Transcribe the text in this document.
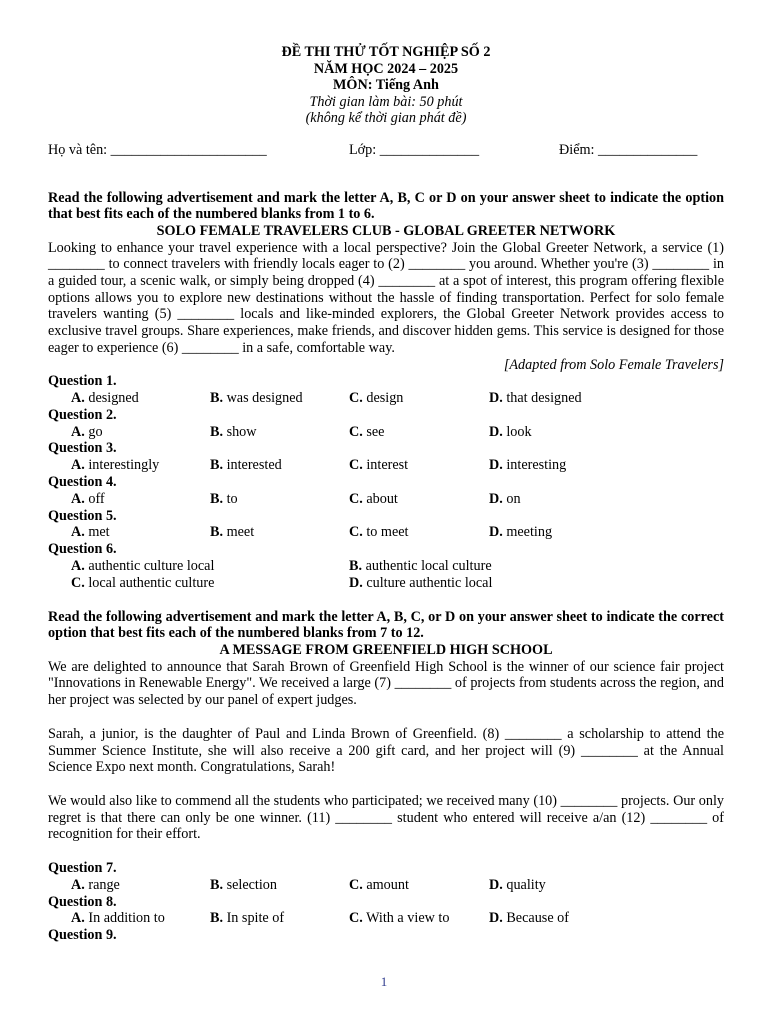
ĐỀ THI THỬ TỐT NGHIỆP SỐ 2
NĂM HỌC 2024 – 2025
MÔN: Tiếng Anh
Thời gian làm bài: 50 phút
(không kể thời gian phát đề)
Họ và tên: ______________________	Lớp: ______________	Điểm: ______________
Read the following advertisement and mark the letter A, B, C or D on your answer sheet to indicate the option that best fits each of the numbered blanks from 1 to 6.
SOLO FEMALE TRAVELERS CLUB - GLOBAL GREETER NETWORK
Looking to enhance your travel experience with a local perspective? Join the Global Greeter Network, a service (1) ________ to connect travelers with friendly locals eager to (2) ________ you around. Whether you're (3) ________ in a guided tour, a scenic walk, or simply being dropped (4) ________ at a spot of interest, this program offering flexible options allows you to explore new destinations without the hassle of finding transportation. Perfect for solo female travelers wanting (5) ________ locals and like-minded explorers, the Global Greeter Network provides access to exclusive travel groups. Share experiences, make friends, and discover hidden gems. This service is designed for those eager to experience (6) ________ in a safe, comfortable way.
[Adapted from Solo Female Travelers]
Question 1.
A. designed	B. was designed	C. design	D. that designed
Question 2.
A. go	B. show	C. see	D. look
Question 3.
A. interestingly	B. interested	C. interest	D. interesting
Question 4.
A. off	B. to	C. about	D. on
Question 5.
A. met	B. meet	C. to meet	D. meeting
Question 6.
A. authentic culture local	B. authentic local culture
C. local authentic culture	D. culture authentic local
Read the following advertisement and mark the letter A, B, C, or D on your answer sheet to indicate the correct option that best fits each of the numbered blanks from 7 to 12.
A MESSAGE FROM GREENFIELD HIGH SCHOOL
We are delighted to announce that Sarah Brown of Greenfield High School is the winner of our science fair project "Innovations in Renewable Energy". We received a large (7) ________ of projects from students across the region, and her project was selected by our panel of expert judges.
Sarah, a junior, is the daughter of Paul and Linda Brown of Greenfield. (8) ________ a scholarship to attend the Summer Science Institute, she will also receive a 200 gift card, and her project will (9) ________ at the Annual Science Expo next month. Congratulations, Sarah!
We would also like to commend all the students who participated; we received many (10) ________ projects. Our only regret is that there can only be one winner. (11) ________ student who entered will receive a/an (12) ________ of recognition for their effort.
Question 7.
A. range	B. selection	C. amount	D. quality
Question 8.
A. In addition to	B. In spite of	C. With a view to	D. Because of
Question 9.
1
